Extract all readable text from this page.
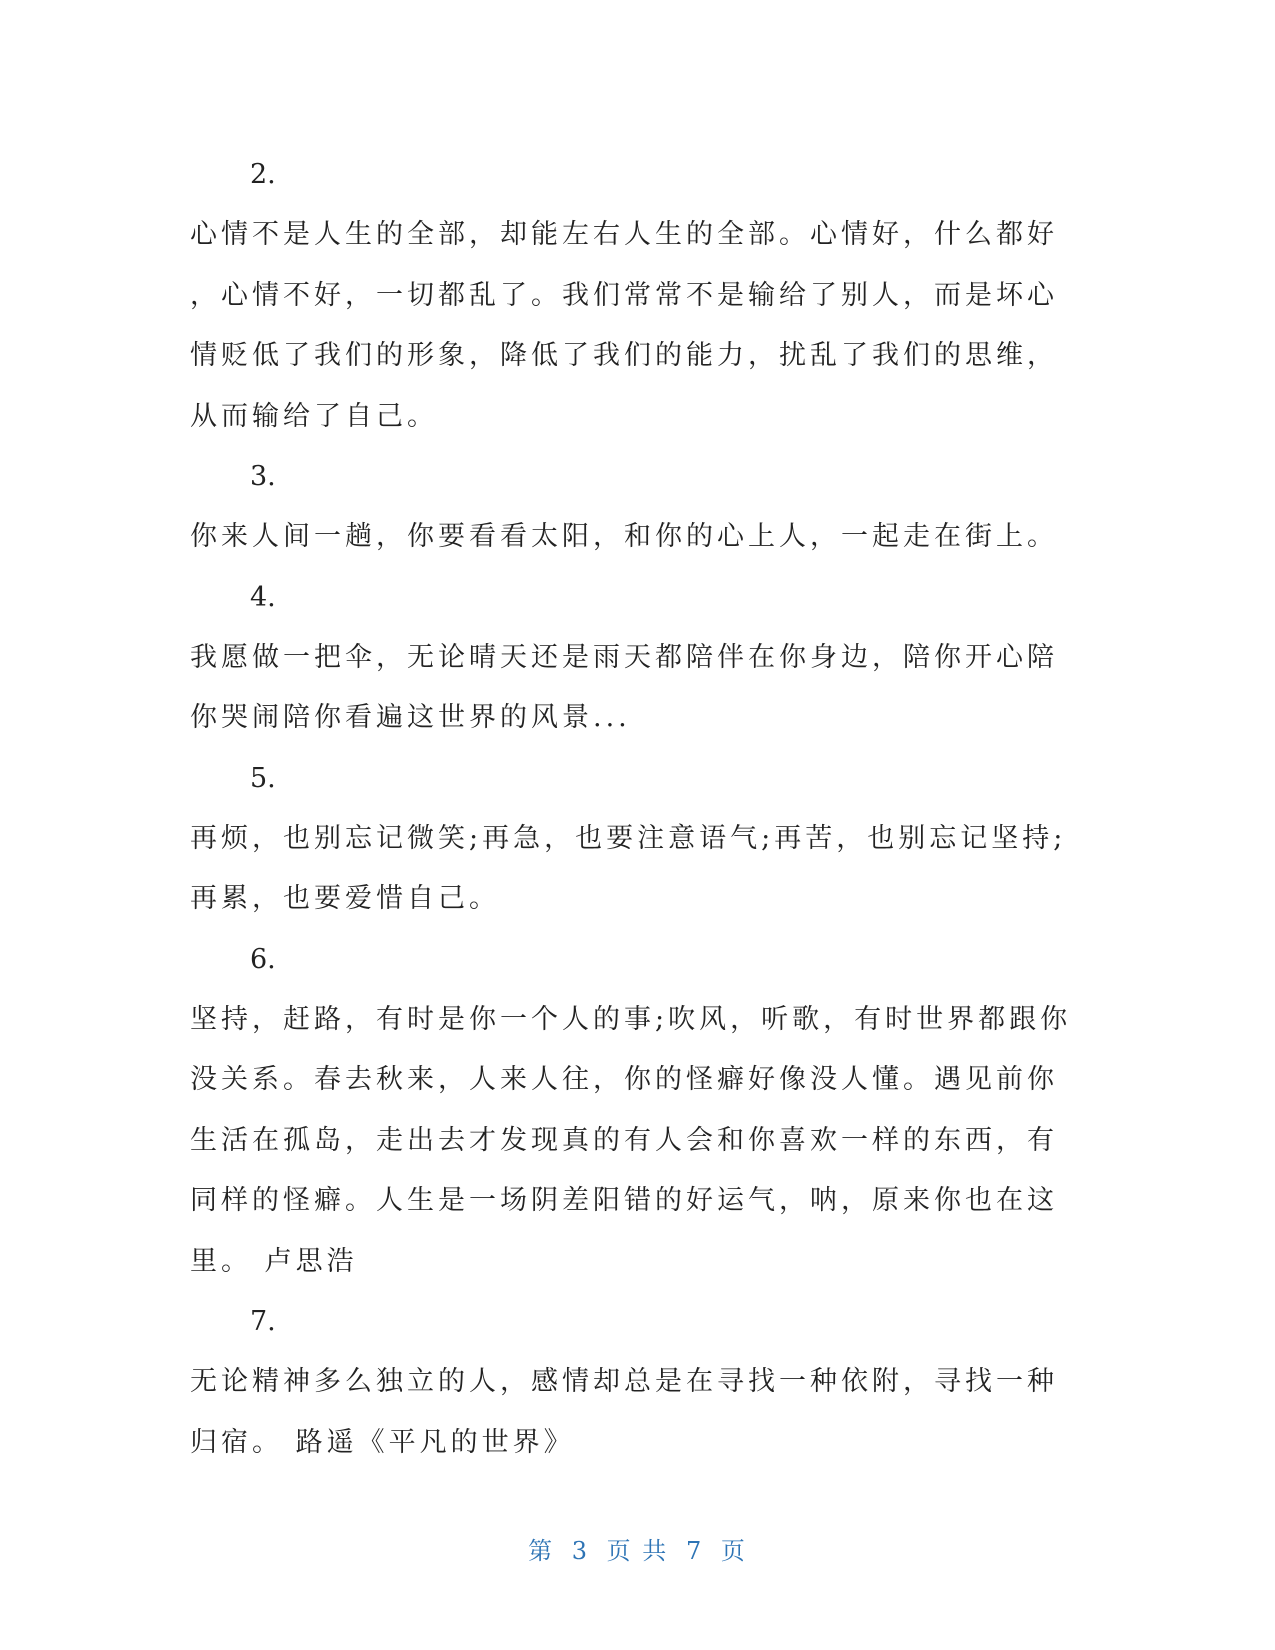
2.

心情不是人生的全部，却能左右人生的全部。心情好，什么都好
，心情不好，一切都乱了。我们常常不是输给了别人，而是坏心
情贬低了我们的形象，降低了我们的能力，扰乱了我们的思维，
从而输给了自己。

3.

你来人间一趟，你要看看太阳，和你的心上人，一起走在街上。

4.

我愿做一把伞，无论晴天还是雨天都陪伴在你身边，陪你开心陪
你哭闹陪你看遍这世界的风景...

5.

再烦，也别忘记微笑;再急，也要注意语气;再苦，也别忘记坚持;
再累，也要爱惜自己。

6.

坚持，赶路，有时是你一个人的事;吹风，听歌，有时世界都跟你
没关系。春去秋来，人来人往，你的怪癖好像没人懂。遇见前你
生活在孤岛，走出去才发现真的有人会和你喜欢一样的东西，有
同样的怪癖。人生是一场阴差阳错的好运气，呐，原来你也在这
里。 卢思浩

7.

无论精神多么独立的人，感情却总是在寻找一种依附，寻找一种
归宿。 路遥《平凡的世界》

第 3 页 共 7 页
